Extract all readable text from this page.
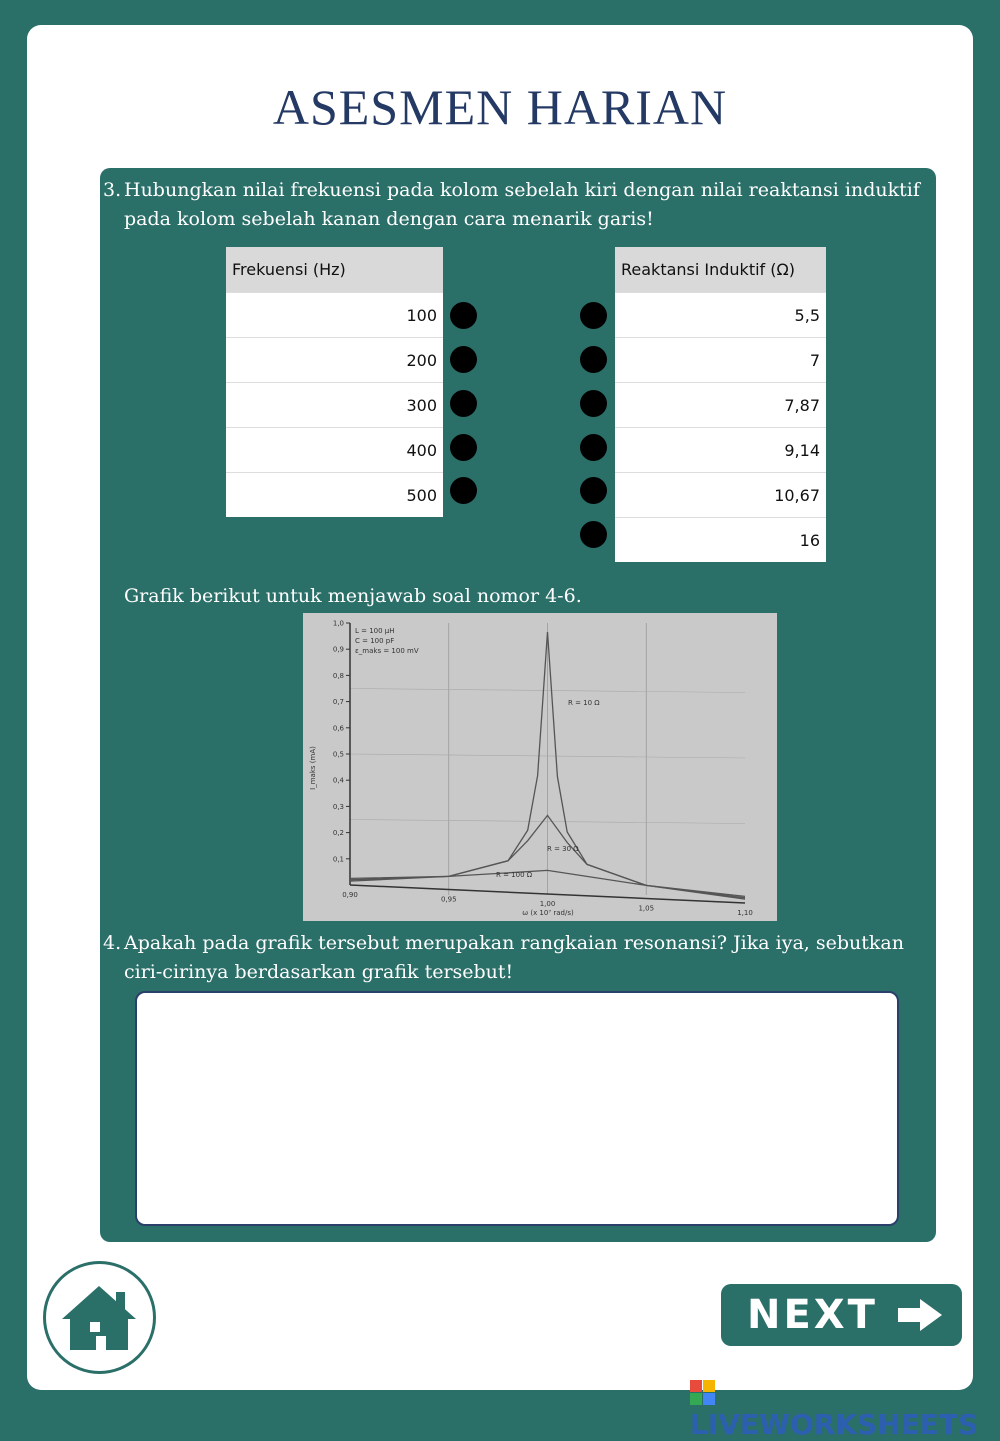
ASESMEN HARIAN
3. Hubungkan nilai frekuensi pada kolom sebelah kiri dengan nilai reaktansi induktif
pada kolom sebelah kanan dengan cara menarik garis!
Frekuensi (Hz)
100
200
300
400
500
Reaktansi Induktif (Ω)
5,5
7
7,87
9,14
10,67
16
Grafik berikut untuk menjawab soal nomor 4-6.
4. Apakah pada grafik tersebut merupakan rangkaian resonansi? Jika iya, sebutkan
ciri-cirinya berdasarkan grafik tersebut!
0,1
0,2
0,3
0,4
0,5
0,6
0,7
0,8
0,9
1,0
0,90
0,95
1,00
1,05
1,10
L = 100 µH
C = 100 pF
ε_maks = 100 mV
ω (x 10⁷ rad/s)
I_maks (mA)
R = 10 Ω
R = 30 Ω
R = 100 Ω
NEXT
LIVEWORKSHEETS
